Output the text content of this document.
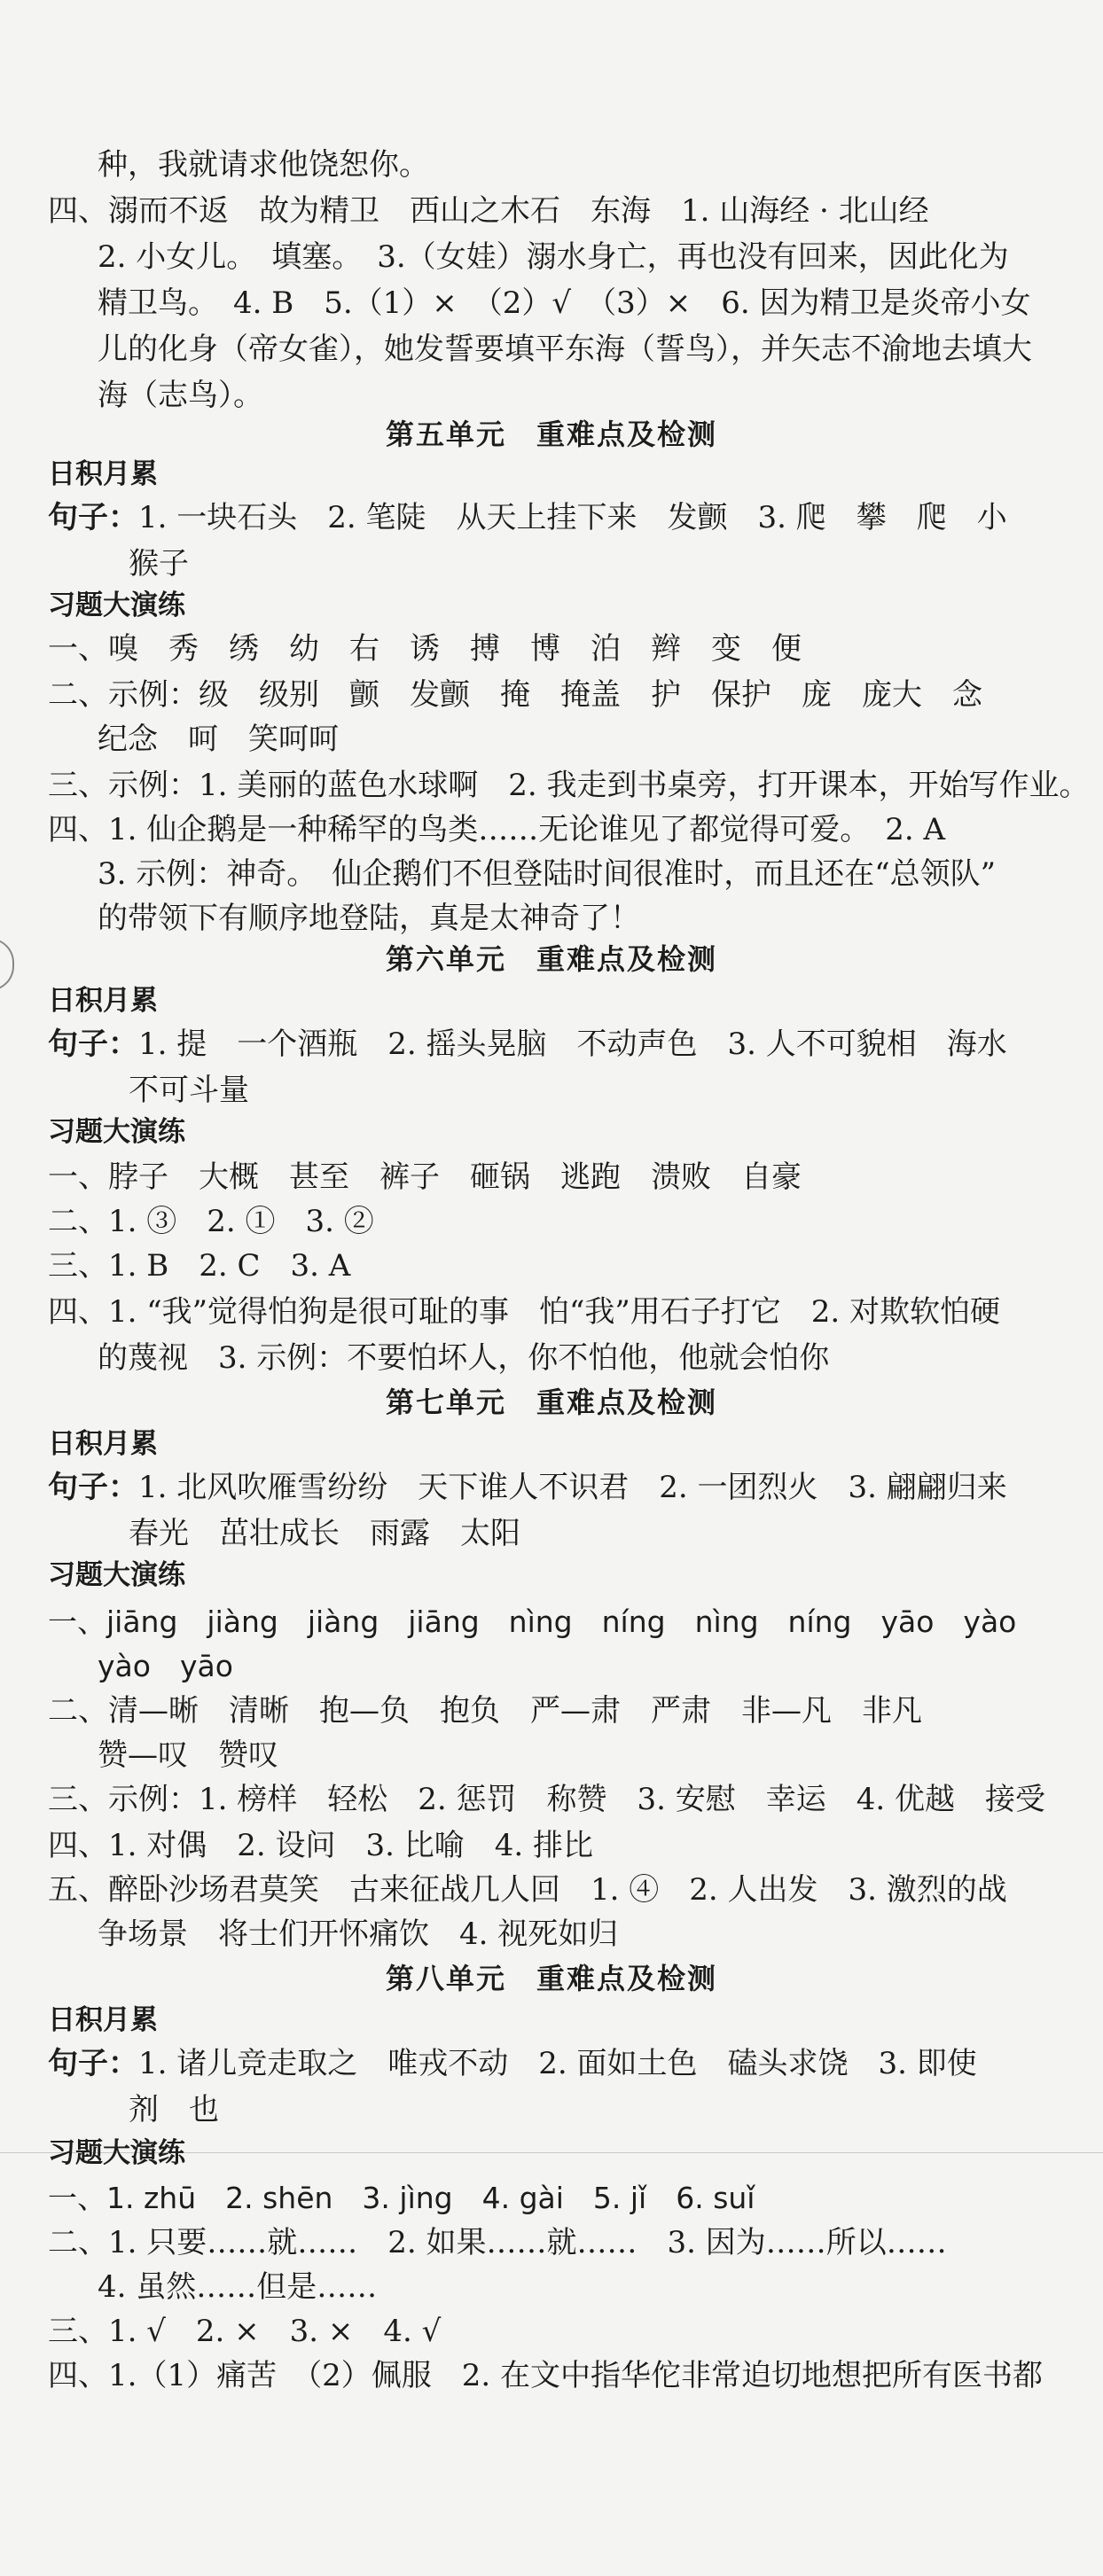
种，我就请求他饶恕你。
四、溺而不返　故为精卫　西山之木石　东海　1. 山海经 · 北山经
2. 小女儿。　填塞。　3.（女娃）溺水身亡，再也没有回来，因此化为
精卫鸟。　4. B　5.（1）×　（2）√　（3）×　6. 因为精卫是炎帝小女
儿的化身（帝女雀），她发誓要填平东海（誓鸟），并矢志不渝地去填大
海（志鸟）。
第五单元　重难点及检测
日积月累
句子：1. 一块石头　2. 笔陡　从天上挂下来　发颤　3. 爬　攀　爬　小
猴子
习题大演练
一、嗅　秀　绣　幼　右　诱　搏　博　泊　辫　变　便
二、示例：级　级别　颤　发颤　掩　掩盖　护　保护　庞　庞大　念
纪念　呵　笑呵呵
三、示例：1. 美丽的蓝色水球啊　2. 我走到书桌旁，打开课本，开始写作业。
四、1. 仙企鹅是一种稀罕的鸟类……无论谁见了都觉得可爱。　2. A
3. 示例：神奇。　仙企鹅们不但登陆时间很准时，而且还在“总领队”
的带领下有顺序地登陆，真是太神奇了！
第六单元　重难点及检测
日积月累
句子：1. 提　一个酒瓶　2. 摇头晃脑　不动声色　3. 人不可貌相　海水
不可斗量
习题大演练
一、脖子　大概　甚至　裤子　砸锅　逃跑　溃败　自豪
二、1. ③　2. ①　3. ②
三、1. B　2. C　3. A
四、1. “我”觉得怕狗是很可耻的事　怕“我”用石子打它　2. 对欺软怕硬
的蔑视　3. 示例：不要怕坏人，你不怕他，他就会怕你
第七单元　重难点及检测
日积月累
句子：1. 北风吹雁雪纷纷　天下谁人不识君　2. 一团烈火　3. 翩翩归来
春光　茁壮成长　雨露　太阳
习题大演练
一、jiāng　jiàng　jiàng　jiāng　nìng　níng　nìng　níng　yāo　yào
yào　yāo
二、清—晰　清晰　抱—负　抱负　严—肃　严肃　非—凡　非凡
赞—叹　赞叹
三、示例：1. 榜样　轻松　2. 惩罚　称赞　3. 安慰　幸运　4. 优越　接受
四、1. 对偶　2. 设问　3. 比喻　4. 排比
五、醉卧沙场君莫笑　古来征战几人回　1. ④　2. 人出发　3. 激烈的战
争场景　将士们开怀痛饮　4. 视死如归
第八单元　重难点及检测
日积月累
句子：1. 诸儿竞走取之　唯戎不动　2. 面如土色　磕头求饶　3. 即使
剂　也
习题大演练
一、1. zhū　2. shēn　3. jìng　4. gài　5. jǐ　6. suǐ
二、1. 只要……就……　2. 如果……就……　3. 因为……所以……
4. 虽然……但是……
三、1. √　2. ×　3. ×　4. √
四、1.（1）痛苦　（2）佩服　2. 在文中指华佗非常迫切地想把所有医书都
